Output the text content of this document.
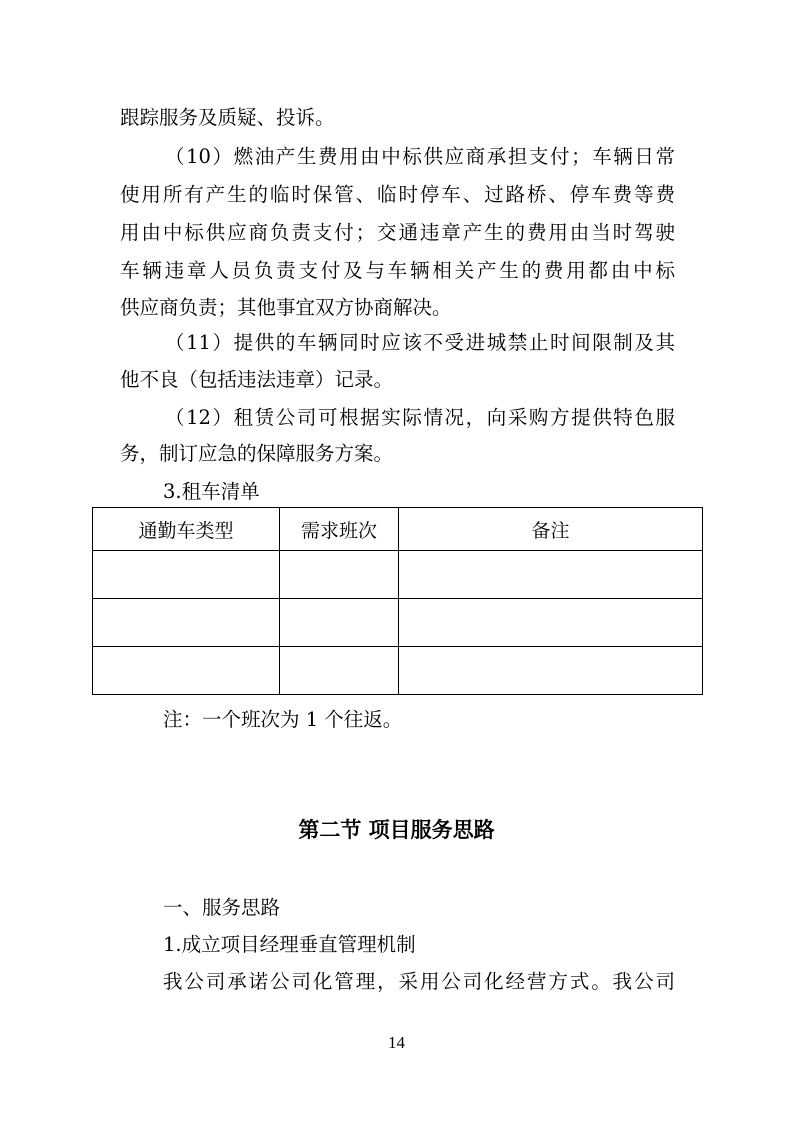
跟踪服务及质疑、投诉。

（10）燃油产生费用由中标供应商承担支付；车辆日常

使用所有产生的临时保管、临时停车、过路桥、停车费等费

用由中标供应商负责支付；交通违章产生的费用由当时驾驶

车辆违章人员负责支付及与车辆相关产生的费用都由中标

供应商负责；其他事宜双方协商解决。

（11）提供的车辆同时应该不受进城禁止时间限制及其

他不良（包括违法违章）记录。

（12）租赁公司可根据实际情况，向采购方提供特色服

务，制订应急的保障服务方案。

3.租车清单

通勤车类型	需求班次	备注

注：一个班次为 1 个往返。

第二节 项目服务思路

一、服务思路

1.成立项目经理垂直管理机制

我公司承诺公司化管理，采用公司化经营方式。我公司

14
